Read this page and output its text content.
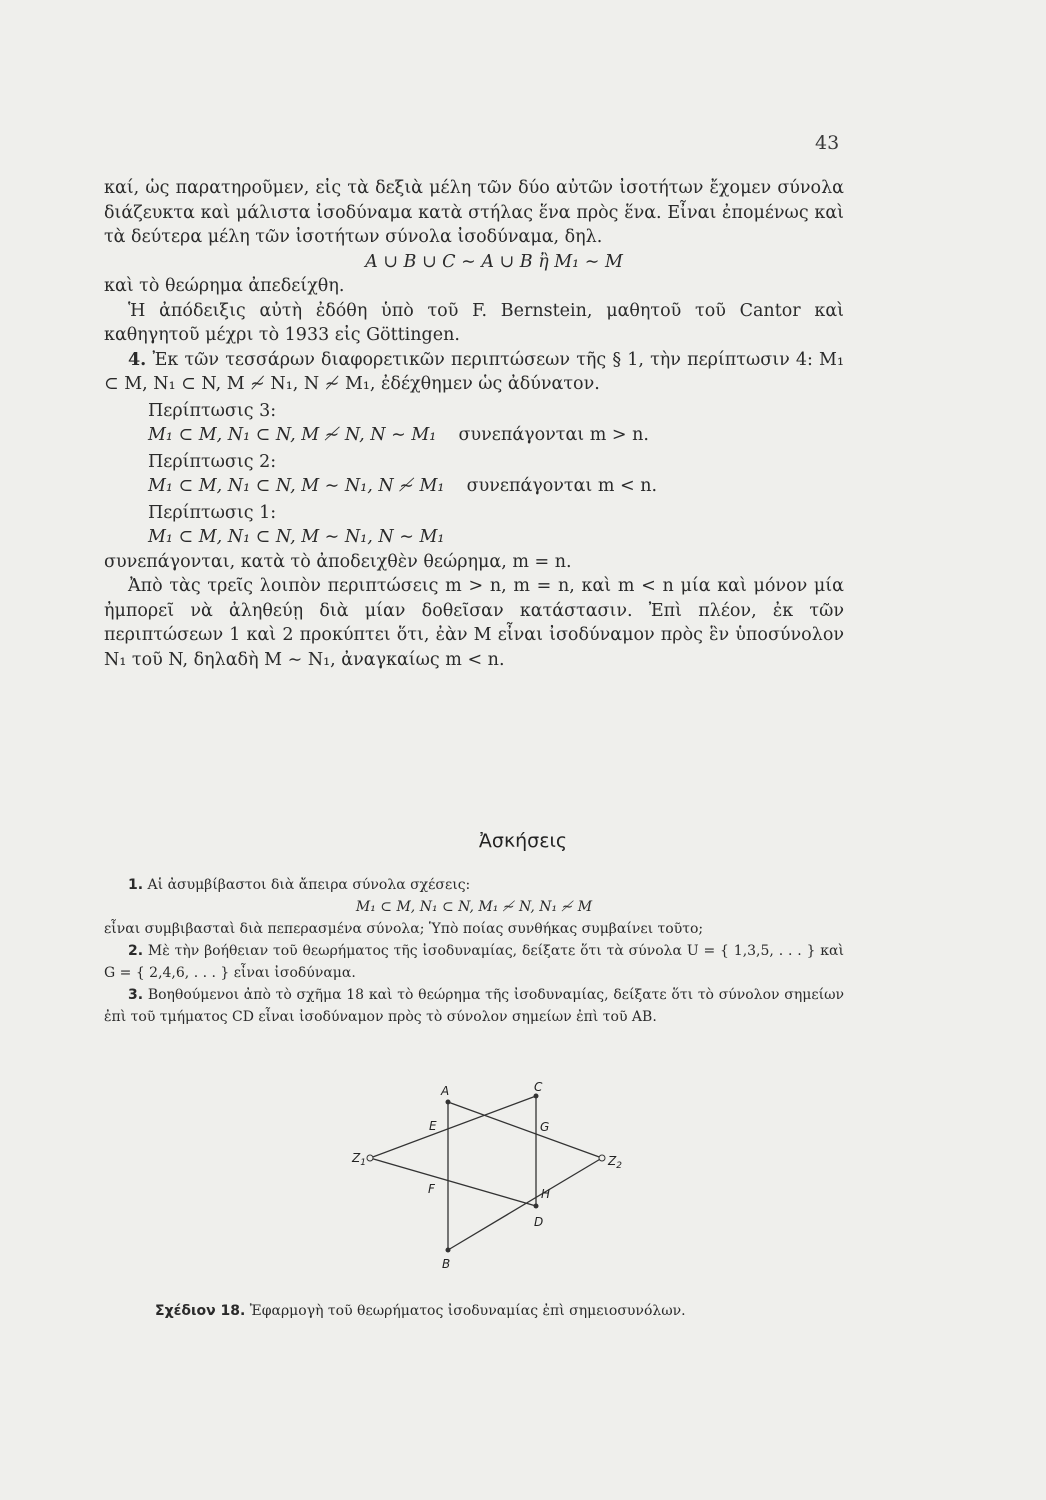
43

καί, ὡς παρατηροῦμεν, εἰς τὰ δεξιὰ μέλη τῶν δύο αὐτῶν ἰσοτήτων ἔχομεν σύνολα διάζευκτα καὶ μάλιστα ἰσοδύναμα κατὰ στήλας ἕνα πρὸς ἕνα. Εἶναι ἐπομένως καὶ τὰ δεύτερα μέλη τῶν ἰσοτήτων σύνολα ἰσοδύναμα, δηλ.

A ∪ B ∪ C ∼ A ∪ B ἢ M₁ ∼ M

καὶ τὸ θεώρημα ἀπεδείχθη.

Ἡ ἀπόδειξις αὐτὴ ἐδόθη ὑπὸ τοῦ F. Bernstein, μαθητοῦ τοῦ Cantor καὶ καθηγητοῦ μέχρι τὸ 1933 εἰς Göttingen.

4. Ἐκ τῶν τεσσάρων διαφορετικῶν περιπτώσεων τῆς § 1, τὴν περίπτωσιν 4: M₁ ⊂ M, N₁ ⊂ N, M ≁ N₁, N ≁ M₁, ἐδέχθημεν ὡς ἀδύνατον.

Περίπτωσις 3:

M₁ ⊂ M, N₁ ⊂ N, M ≁ N, N ∼ M₁ συνεπάγονται m > n.

Περίπτωσις 2:

M₁ ⊂ M, N₁ ⊂ N, M ∼ N₁, N ≁ M₁ συνεπάγονται m < n.

Περίπτωσις 1:

M₁ ⊂ M, N₁ ⊂ N, M ∼ N₁, N ∼ M₁

συνεπάγονται, κατὰ τὸ ἀποδειχθὲν θεώρημα, m = n.

Ἀπὸ τὰς τρεῖς λοιπὸν περιπτώσεις m > n, m = n, καὶ m < n μία καὶ μόνον μία ἠμπορεῖ νὰ ἀληθεύῃ διὰ μίαν δοθεῖσαν κατάστασιν. Ἐπὶ πλέον, ἐκ τῶν περιπτώσεων 1 καὶ 2 προκύπτει ὅτι, ἐὰν M εἶναι ἰσοδύναμον πρὸς ἓν ὑποσύνολον N₁ τοῦ N, δηλαδὴ M ∼ N₁, ἀναγκαίως m < n.

Ἀσκήσεις

1. Αἱ ἀσυμβίβαστοι διὰ ἄπειρα σύνολα σχέσεις:

M₁ ⊂ M, N₁ ⊂ N, M₁ ≁ N, N₁ ≁ M

εἶναι συμβιβασταὶ διὰ πεπερασμένα σύνολα; Ὑπὸ ποίας συνθήκας συμβαίνει τοῦτο;

2. Μὲ τὴν βοήθειαν τοῦ θεωρήματος τῆς ἰσοδυναμίας, δείξατε ὅτι τὰ σύνολα U = { 1,3,5, . . . } καὶ G = { 2,4,6, . . . } εἶναι ἰσοδύναμα.

3. Βοηθούμενοι ἀπὸ τὸ σχῆμα 18 καὶ τὸ θεώρημα τῆς ἰσοδυναμίας, δείξατε ὅτι τὸ σύνολον σημείων ἐπὶ τοῦ τμήματος CD εἶναι ἰσοδύναμον πρὸς τὸ σύνολον σημείων ἐπὶ τοῦ AB.

A
B
C
D
E	G
F	H
$Z_1$	$Z_2$
Σχέδιον 18. Ἐφαρμογὴ τοῦ θεωρήματος ἰσοδυναμίας ἐπὶ σημειοσυνόλων.
